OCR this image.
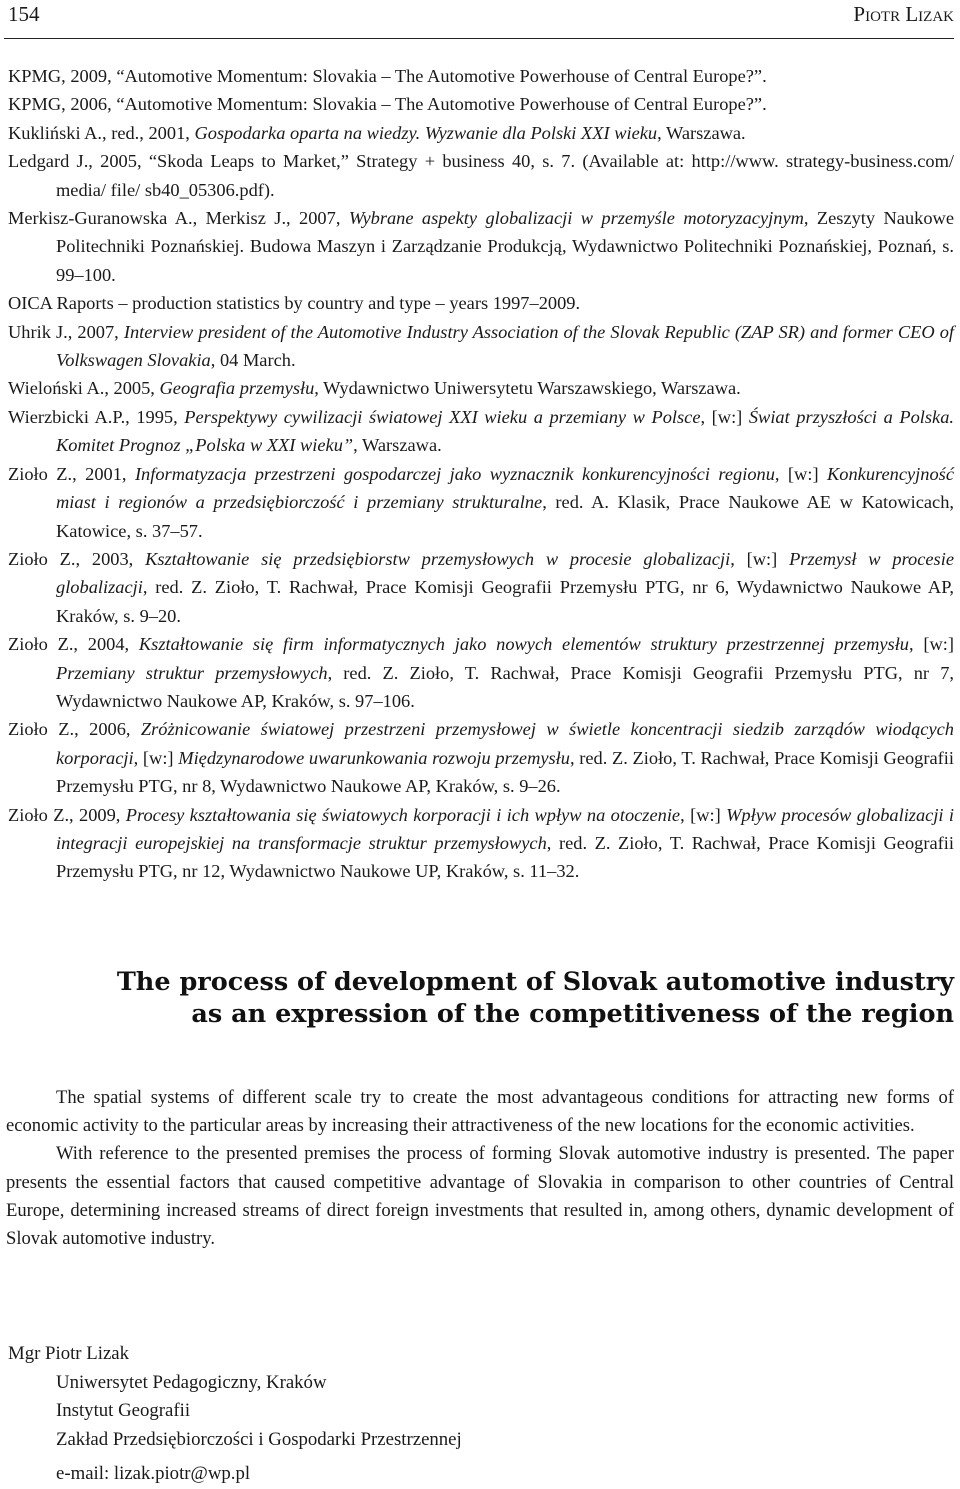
154	Piotr Lizak
KPMG, 2009, “Automotive Momentum: Slovakia – The Automotive Powerhouse of Central Europe?”.
KPMG, 2006, “Automotive Momentum: Slovakia – The Automotive Powerhouse of Central Europe?”.
Kukliński A., red., 2001, Gospodarka oparta na wiedzy. Wyzwanie dla Polski XXI wieku, Warszawa.
Ledgard J., 2005, “Skoda Leaps to Market,” Strategy + business 40, s. 7. (Available at: http://www. strategy-business.com/ media/ file/ sb40_05306.pdf).
Merkisz-Guranowska A., Merkisz J., 2007, Wybrane aspekty globalizacji w przemyśle motoryzacyjnym, Zeszyty Naukowe Politechniki Poznańskiej. Budowa Maszyn i Zarządzanie Produkcją, Wydawnictwo Politechniki Poznańskiej, Poznań, s. 99–100.
OICA Raports – production statistics by country and type – years 1997–2009.
Uhrik J., 2007, Interview president of the Automotive Industry Association of the Slovak Republic (ZAP SR) and former CEO of Volkswagen Slovakia, 04 March.
Wieloński A., 2005, Geografia przemysłu, Wydawnictwo Uniwersytetu Warszawskiego, Warszawa.
Wierzbicki A.P., 1995, Perspektywy cywilizacji światowej XXI wieku a przemiany w Polsce, [w:] Świat przyszłości a Polska. Komitet Prognoz „Polska w XXI wieku”, Warszawa.
Zioło Z., 2001, Informatyzacja przestrzeni gospodarczej jako wyznacznik konkurencyjności regionu, [w:] Konkurencyjność miast i regionów a przedsiębiorczość i przemiany strukturalne, red. A. Klasik, Prace Naukowe AE w Katowicach, Katowice, s. 37–57.
Zioło Z., 2003, Kształtowanie się przedsiębiorstw przemysłowych w procesie globalizacji, [w:] Przemysł w procesie globalizacji, red. Z. Zioło, T. Rachwał, Prace Komisji Geografii Przemysłu PTG, nr 6, Wydawnictwo Naukowe AP, Kraków, s. 9–20.
Zioło Z., 2004, Kształtowanie się firm informatycznych jako nowych elementów struktury przestrzennej przemysłu, [w:] Przemiany struktur przemysłowych, red. Z. Zioło, T. Rachwał, Prace Komisji Geografii Przemysłu PTG, nr 7, Wydawnictwo Naukowe AP, Kraków, s. 97–106.
Zioło Z., 2006, Zróżnicowanie światowej przestrzeni przemysłowej w świetle koncentracji siedzib zarządów wiodących korporacji, [w:] Międzynarodowe uwarunkowania rozwoju przemysłu, red. Z. Zioło, T. Rachwał, Prace Komisji Geografii Przemysłu PTG, nr 8, Wydawnictwo Naukowe AP, Kraków, s. 9–26.
Zioło Z., 2009, Procesy kształtowania się światowych korporacji i ich wpływ na otoczenie, [w:] Wpływ procesów globalizacji i integracji europejskiej na transformacje struktur przemysłowych, red. Z. Zioło, T. Rachwał, Prace Komisji Geografii Przemysłu PTG, nr 12, Wydawnictwo Naukowe UP, Kraków, s. 11–32.
The process of development of Slovak automotive industry
as an expression of the competitiveness of the region

The spatial systems of different scale try to create the most advantageous conditions for attracting new forms of economic activity to the particular areas by increasing their attractiveness of the new locations for the economic activities.

With reference to the presented premises the process of forming Slovak automotive industry is presented. The paper presents the essential factors that caused competitive advantage of Slovakia in comparison to other countries of Central Europe, determining increased streams of direct foreign investments that resulted in, among others, dynamic development of Slovak automotive industry.

Mgr Piotr Lizak
Uniwersytet Pedagogiczny, Kraków
Instytut Geografii
Zakład Przedsiębiorczości i Gospodarki Przestrzennej
e-mail: lizak.piotr@wp.pl
